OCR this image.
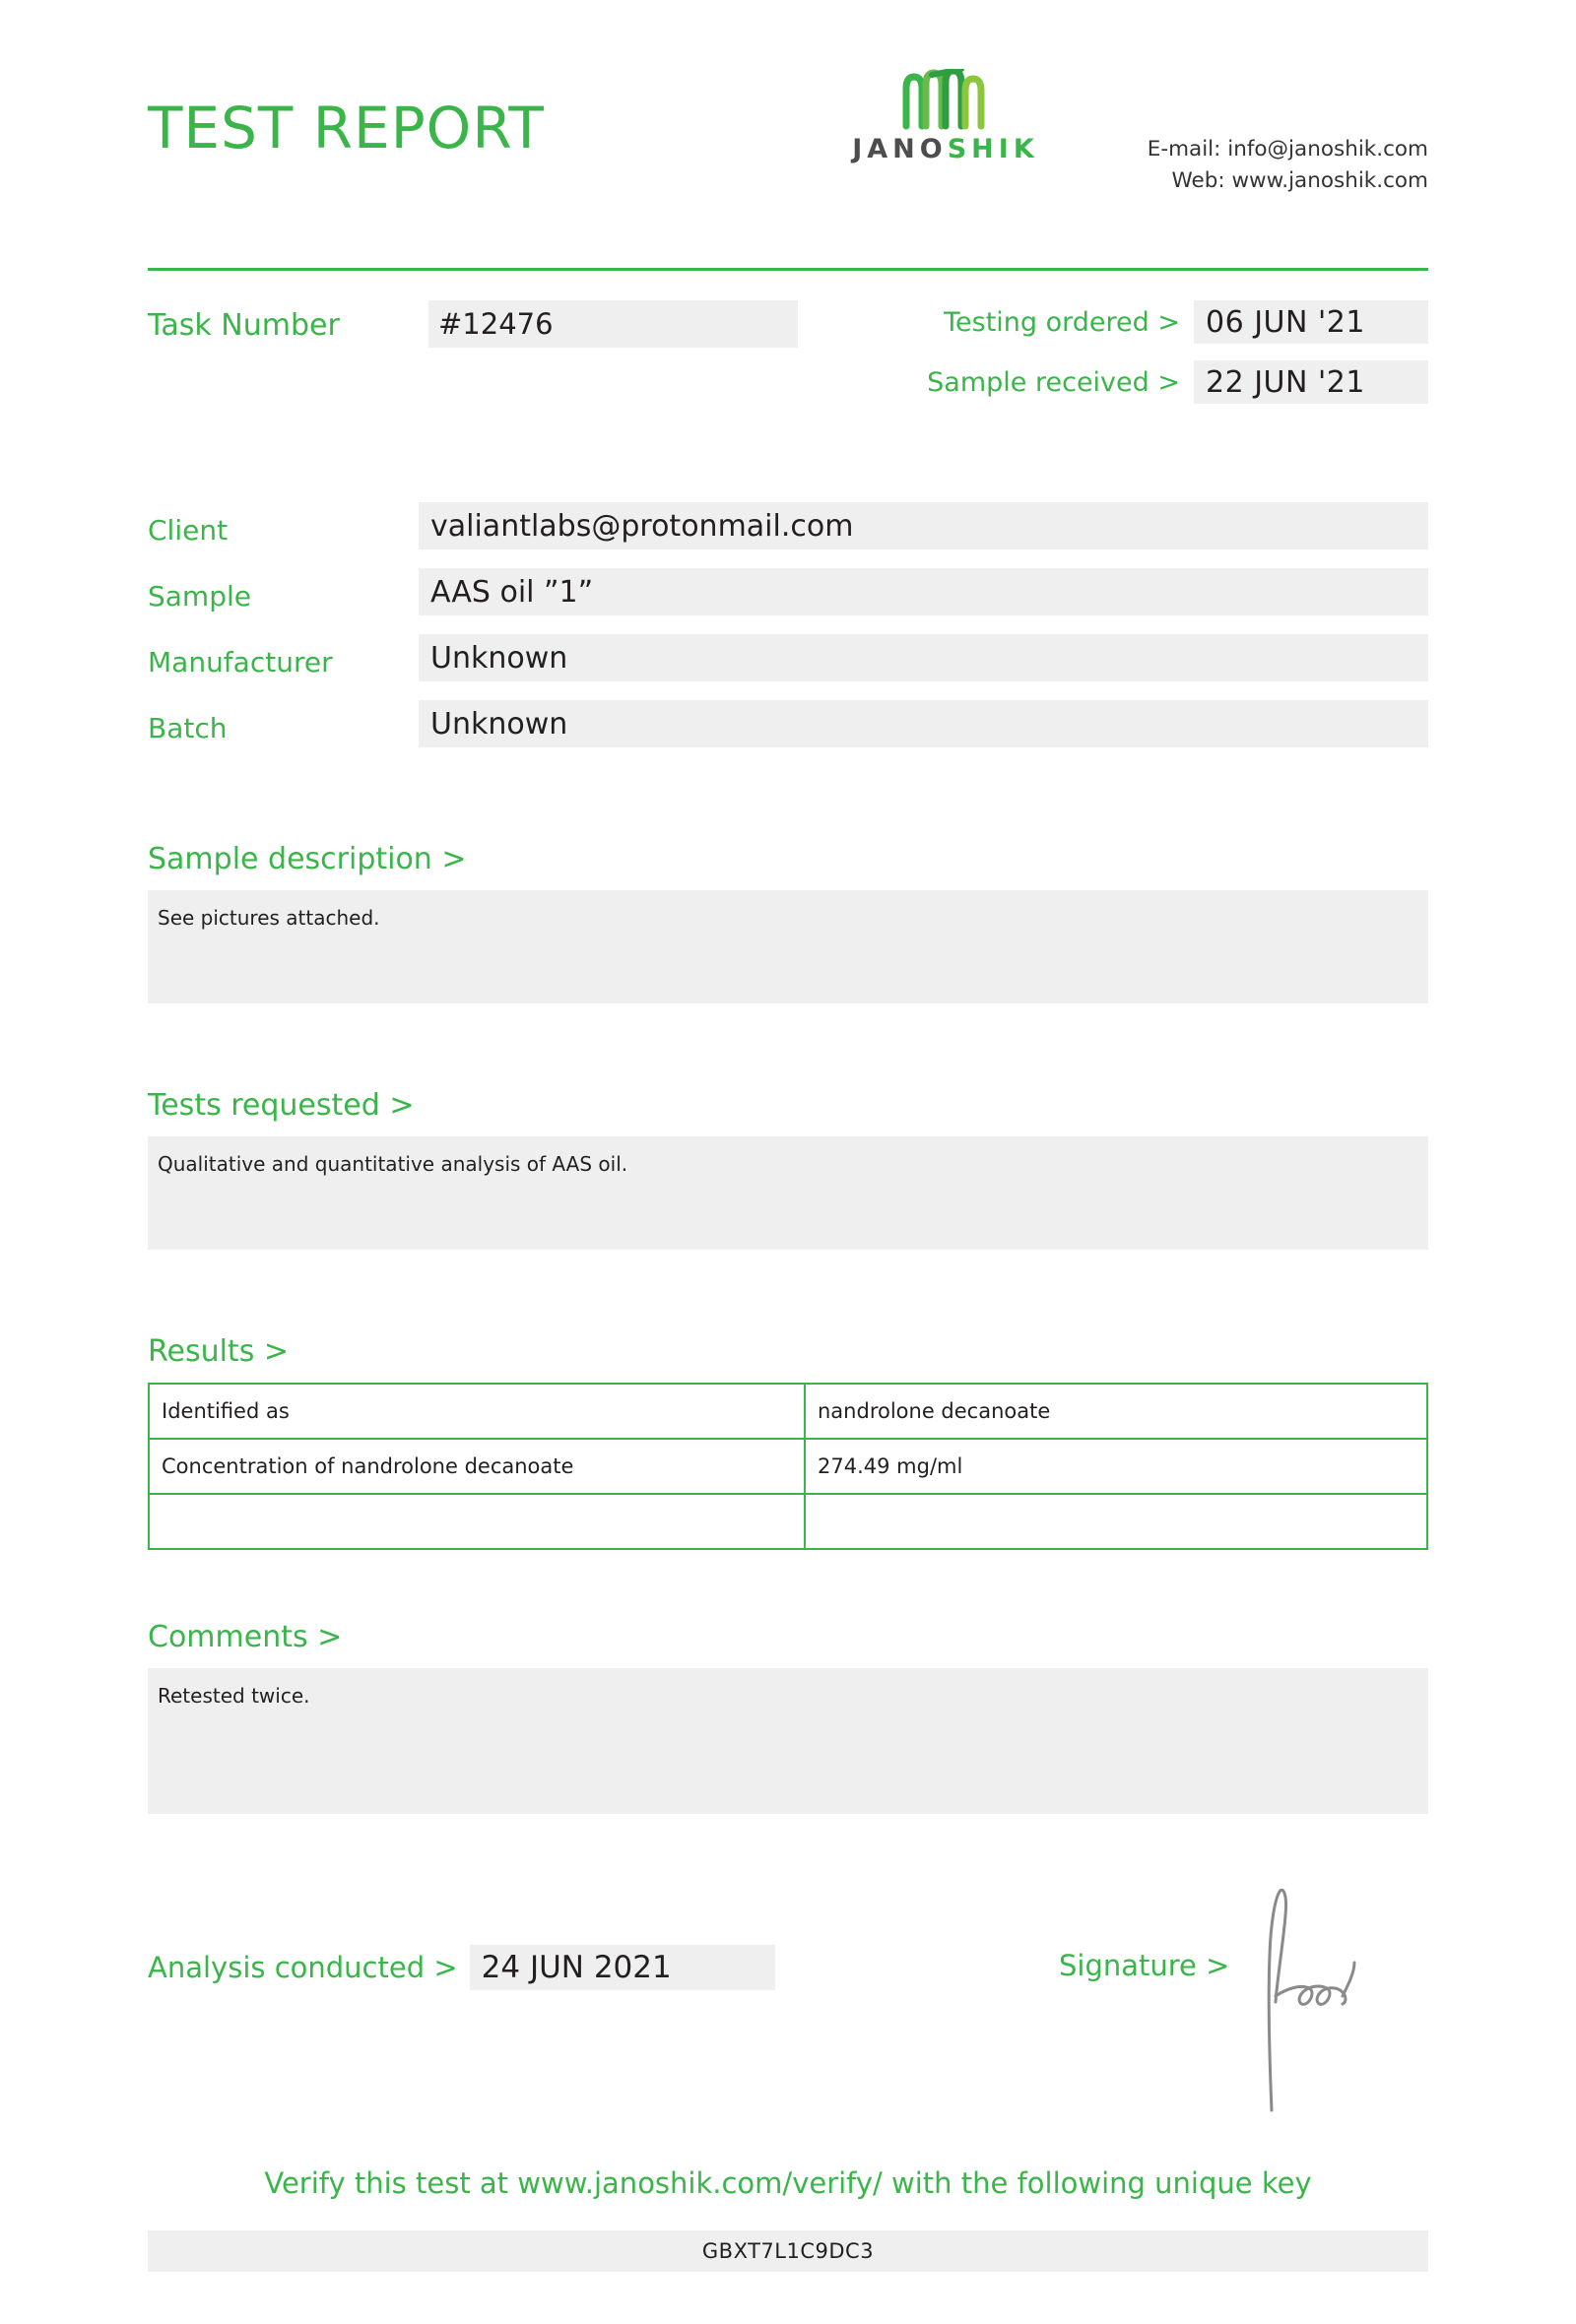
TEST REPORT	JANOSHIK	E-mail: info@janoshik.com
Web: www.janoshik.com
Task Number	#12476	Testing ordered > 06 JUN '21
Sample received > 22 JUN '21
Client	valiantlabs@protonmail.com
Sample	AAS oil ”1”
Manufacturer	Unknown
Batch	Unknown
Sample description >
See pictures attached.
Tests requested >
Qualitative and quantitative analysis of AAS oil.
Results >
Identified as	nandrolone decanoate
Concentration of nandrolone decanoate	274.49 mg/ml

Comments >
Retested twice.
Analysis conducted > 24 JUN 2021	Signature >
Verify this test at www.janoshik.com/verify/ with the following unique key
GBXT7L1C9DC3
